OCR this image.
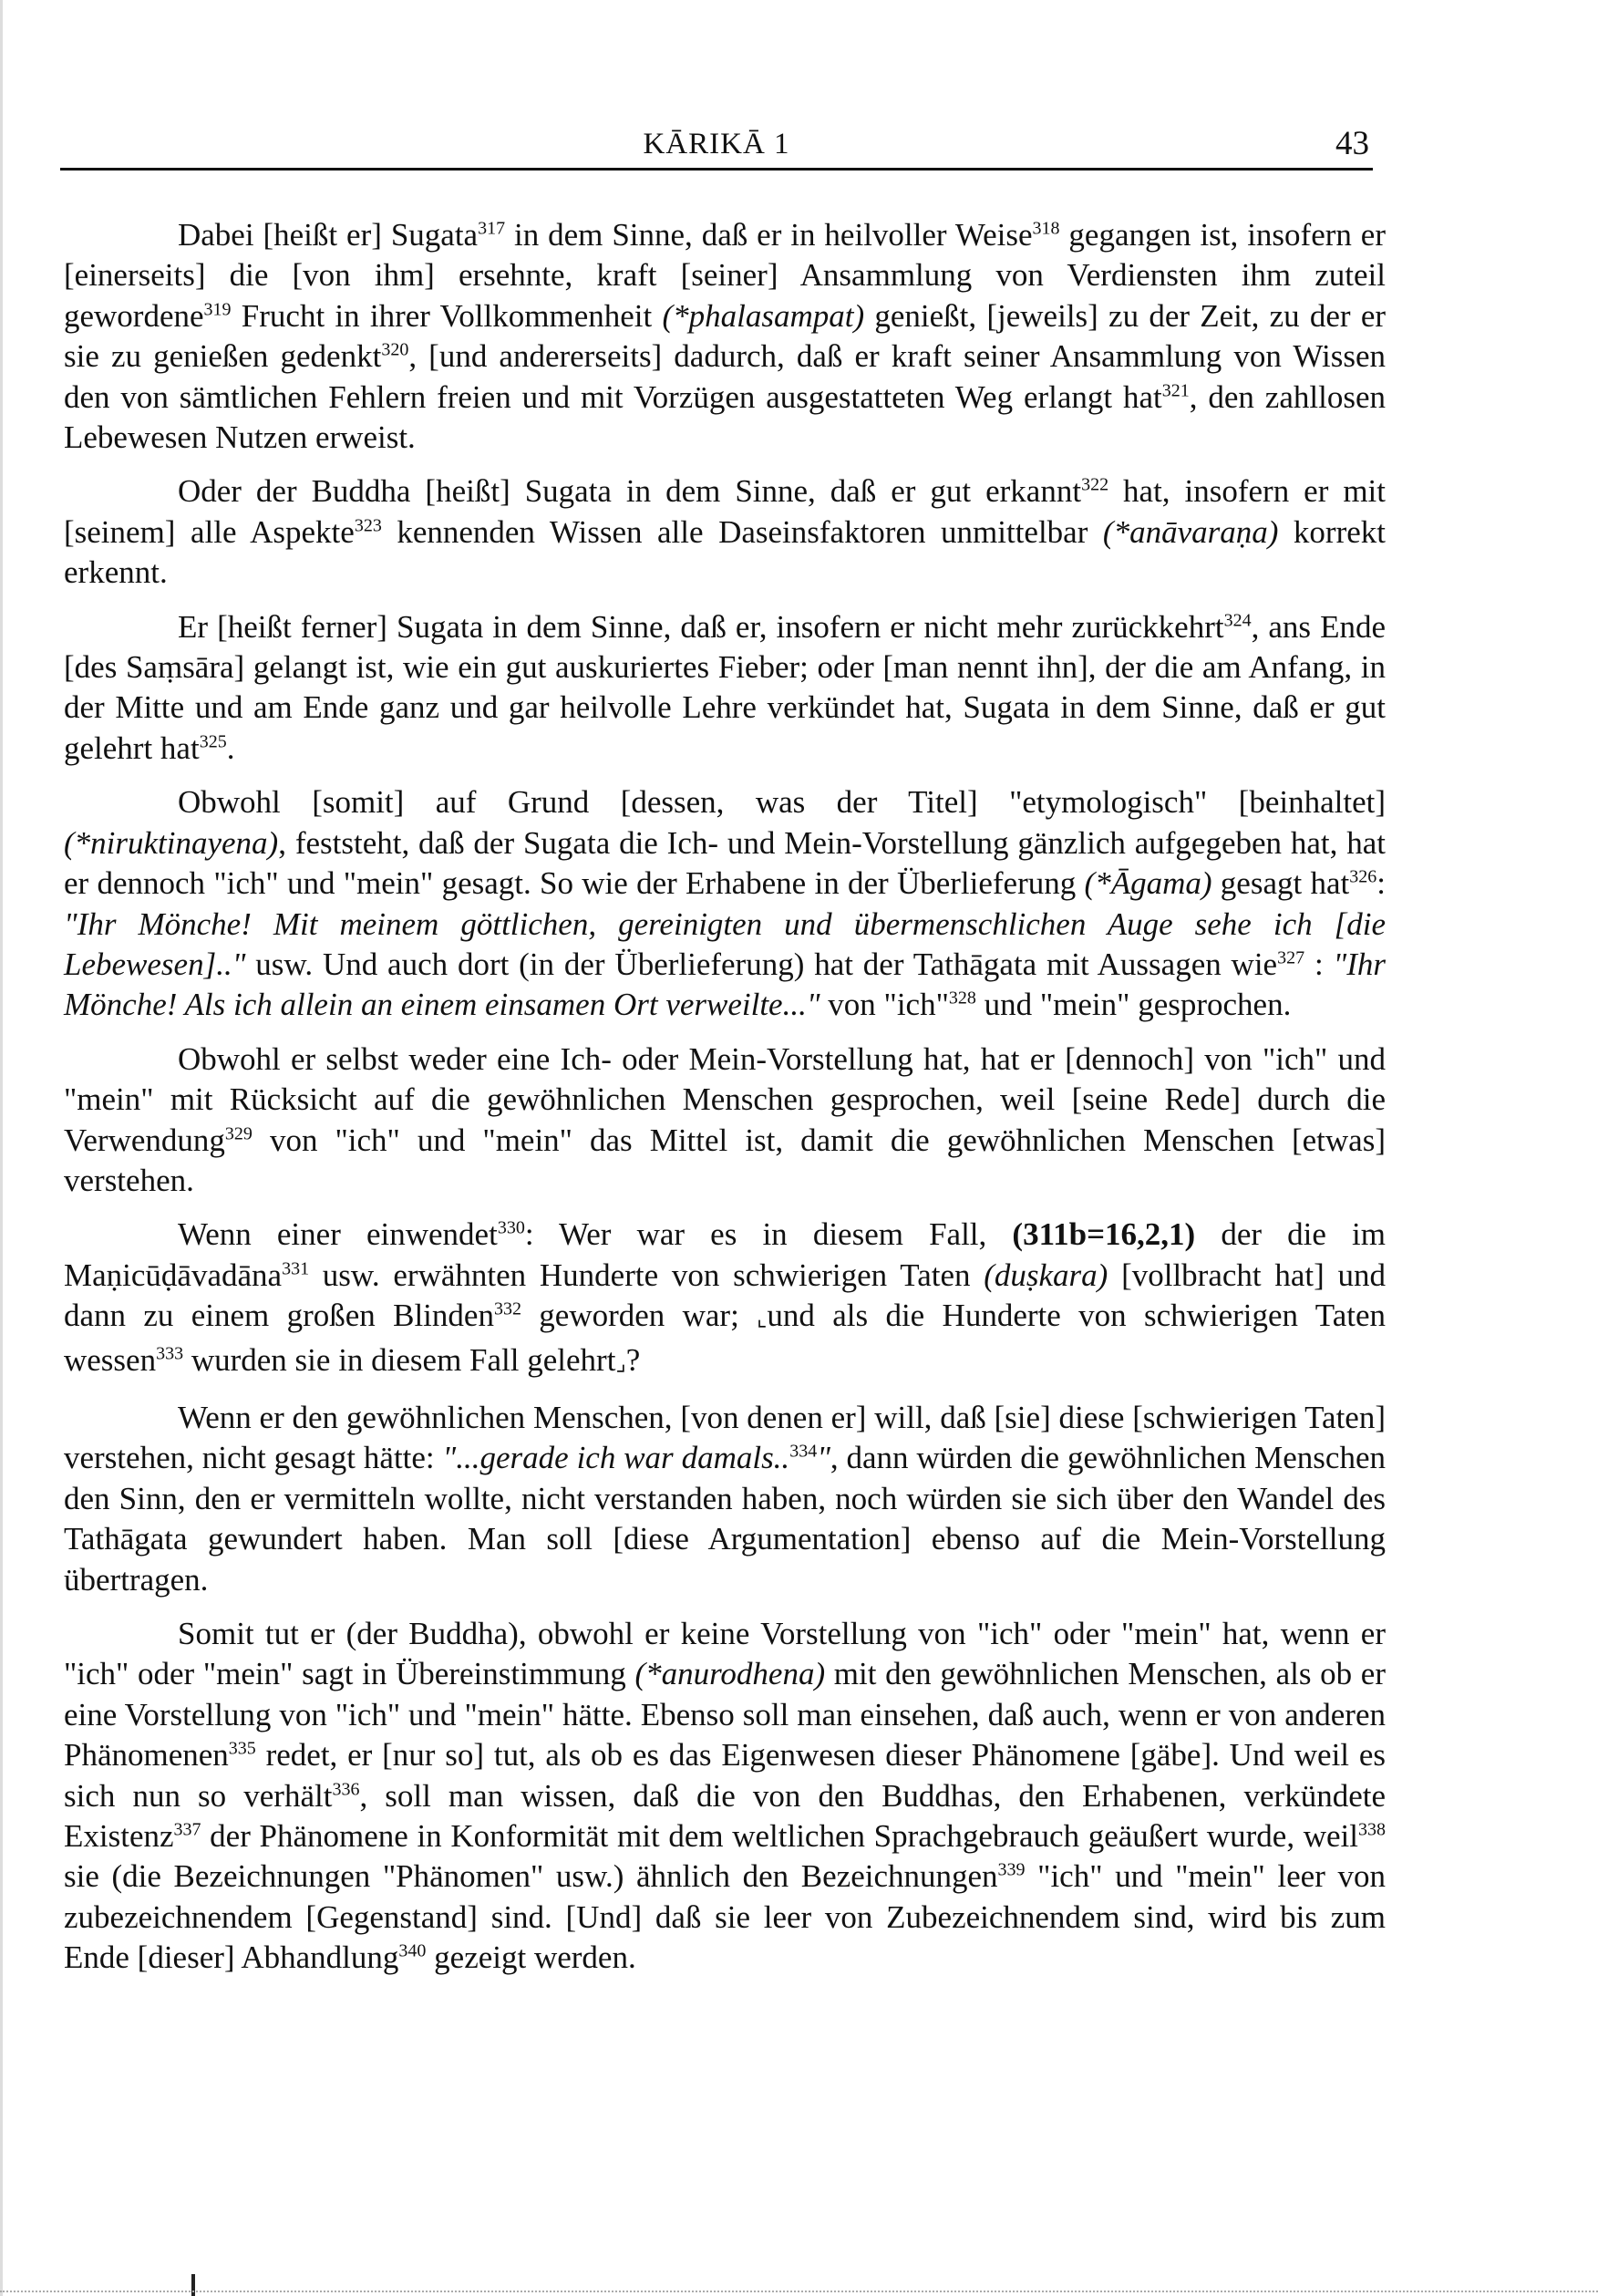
KĀRIKĀ 1	43

Dabei [heißt er] Sugata$^{317}$ in dem Sinne, daß er in heilvoller Weise$^{318}$ gegangen ist, insofern er [einerseits] die [von ihm] ersehnte, kraft [seiner] Ansammlung von Verdiensten ihm zuteil gewordene$^{319}$ Frucht in ihrer Vollkommenheit (*phalasampat) genießt, [jeweils] zu der Zeit, zu der er sie zu genießen gedenkt$^{320}$, [und andererseits] dadurch, daß er kraft seiner Ansammlung von Wissen den von sämtlichen Fehlern freien und mit Vorzügen ausgestatteten Weg erlangt hat$^{321}$, den zahllosen Lebewesen Nutzen erweist.

Oder der Buddha [heißt] Sugata in dem Sinne, daß er gut erkannt$^{322}$ hat, insofern er mit [seinem] alle Aspekte$^{323}$ kennenden Wissen alle Daseinsfaktoren unmittelbar (*anāvaraṇa) korrekt erkennt.

Er [heißt ferner] Sugata in dem Sinne, daß er, insofern er nicht mehr zurückkehrt$^{324}$, ans Ende [des Saṃsāra] gelangt ist, wie ein gut auskuriertes Fieber; oder [man nennt ihn], der die am Anfang, in der Mitte und am Ende ganz und gar heilvolle Lehre verkündet hat, Sugata in dem Sinne, daß er gut gelehrt hat$^{325}$.

Obwohl [somit] auf Grund [dessen, was der Titel] "etymologisch" [beinhaltet] (*niruktinayena), feststeht, daß der Sugata die Ich- und Mein-Vorstellung gänzlich aufgegeben hat, hat er dennoch "ich" und "mein" gesagt. So wie der Erhabene in der Überlieferung (*Āgama) gesagt hat$^{326}$: "Ihr Mönche! Mit meinem göttlichen, gereinigten und übermenschlichen Auge sehe ich [die Lebewesen].." usw. Und auch dort (in der Überlieferung) hat der Tathāgata mit Aussagen wie$^{327}$ : "Ihr Mönche! Als ich allein an einem einsamen Ort verweilte..." von "ich"$^{328}$ und "mein" gesprochen.

Obwohl er selbst weder eine Ich- oder Mein-Vorstellung hat, hat er [dennoch] von "ich" und "mein" mit Rücksicht auf die gewöhnlichen Menschen gesprochen, weil [seine Rede] durch die Verwendung$^{329}$ von "ich" und "mein" das Mittel ist, damit die gewöhnlichen Menschen [etwas] verstehen.

Wenn einer einwendet$^{330}$: Wer war es in diesem Fall, (311b=16,2,1) der die im Maṇicūḍāvadāna$^{331}$ usw. erwähnten Hunderte von schwierigen Taten (duṣkara) [vollbracht hat] und dann zu einem großen Blinden$^{332}$ geworden war; ⌞und als die Hunderte von schwierigen Taten wessen$^{333}$ wurden sie in diesem Fall gelehrt⌟?

Wenn er den gewöhnlichen Menschen, [von denen er] will, daß [sie] diese [schwierigen Taten] verstehen, nicht gesagt hätte: "...gerade ich war damals..$^{334}$", dann würden die gewöhnlichen Menschen den Sinn, den er vermitteln wollte, nicht verstanden haben, noch würden sie sich über den Wandel des Tathāgata gewundert haben. Man soll [diese Argumentation] ebenso auf die Mein-Vorstellung übertragen.

Somit tut er (der Buddha), obwohl er keine Vorstellung von "ich" oder "mein" hat, wenn er "ich" oder "mein" sagt in Übereinstimmung (*anurodhena) mit den gewöhnlichen Menschen, als ob er eine Vorstellung von "ich" und "mein" hätte. Ebenso soll man einsehen, daß auch, wenn er von anderen Phänomenen$^{335}$ redet, er [nur so] tut, als ob es das Eigenwesen dieser Phänomene [gäbe]. Und weil es sich nun so verhält$^{336}$, soll man wissen, daß die von den Buddhas, den Erhabenen, verkündete Existenz$^{337}$ der Phänomene in Konformität mit dem weltlichen Sprachgebrauch geäußert wurde, weil$^{338}$ sie (die Bezeichnungen "Phänomen" usw.) ähnlich den Bezeichnungen$^{339}$ "ich" und "mein" leer von zubezeichnendem [Gegenstand] sind. [Und] daß sie leer von Zubezeichnendem sind, wird bis zum Ende [dieser] Abhandlung$^{340}$ gezeigt werden.
